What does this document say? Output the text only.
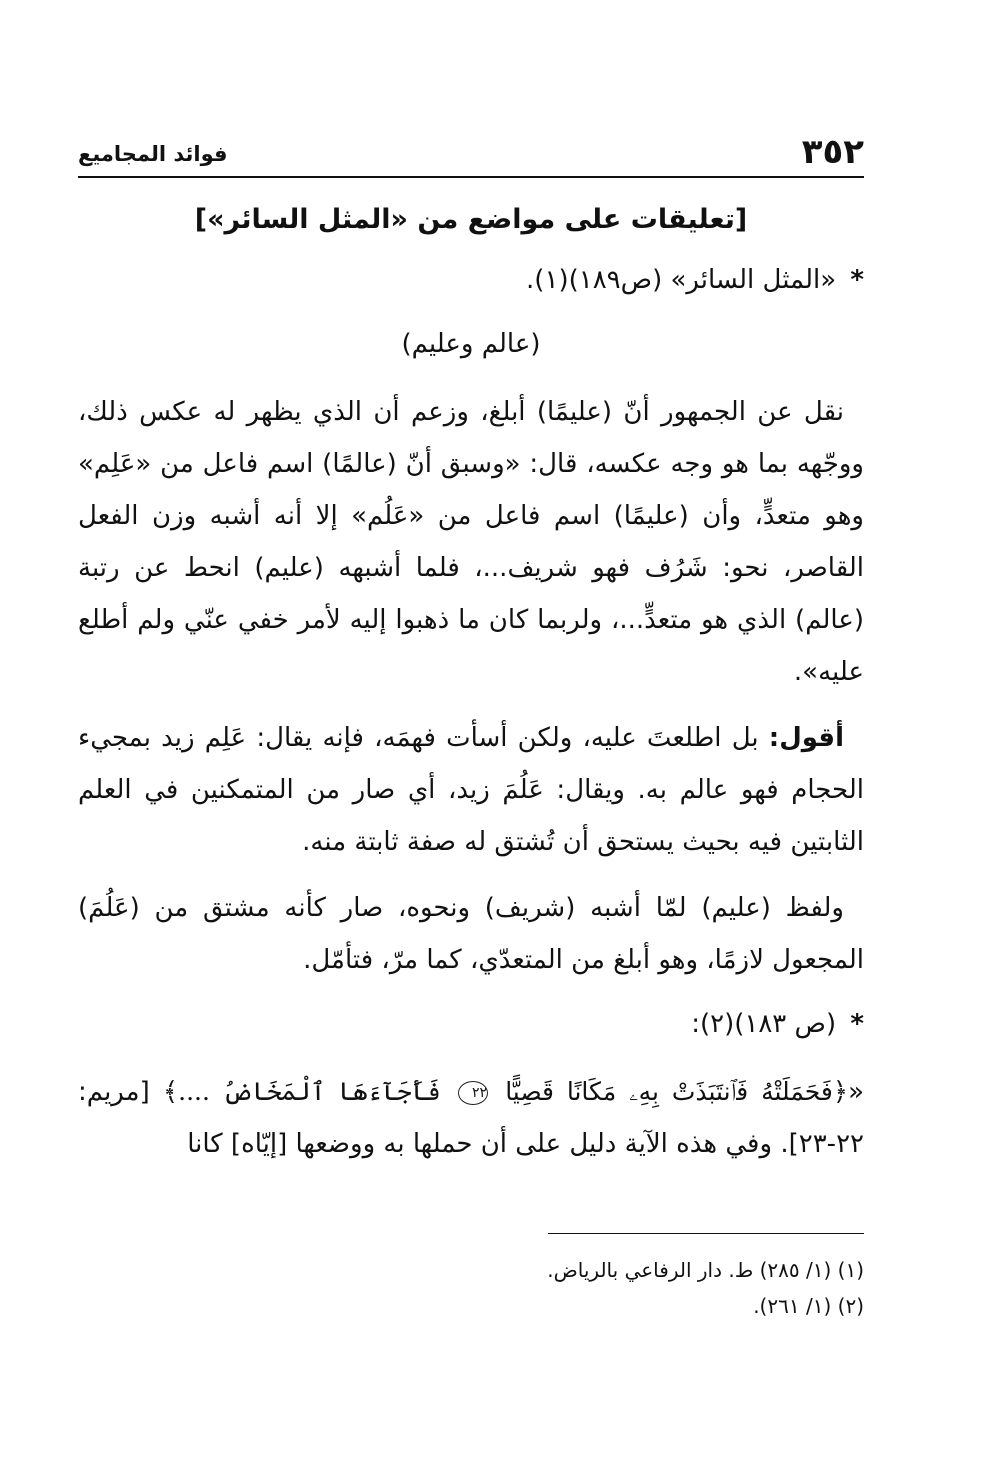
٣٥٢
فوائد المجاميع
[تعليقات على مواضع من «المثل السائر»]
* «المثل السائر» (ص١٨٩)(١).
(عالم وعليم)

نقل عن الجمهور أنّ (عليمًا) أبلغ، وزعم أن الذي يظهر له عكس ذلك، ووجّهه بما هو وجه عكسه، قال: «وسبق أنّ (عالمًا) اسم فاعل من «عَلِم» وهو متعدٍّ، وأن (عليمًا) اسم فاعل من «عَلُم» إلا أنه أشبه وزن الفعل القاصر، نحو: شَرُف فهو شريف...، فلما أشبهه (عليم) انحط عن رتبة (عالم) الذي هو متعدٍّ...، ولربما كان ما ذهبوا إليه لأمر خفي عنّي ولم أطلع عليه».

أقول: بل اطلعتَ عليه، ولكن أسأت فهمَه، فإنه يقال: عَلِم زيد بمجيء الحجام فهو عالم به. ويقال: عَلُمَ زيد، أي صار من المتمكنين في العلم الثابتين فيه بحيث يستحق أن تُشتق له صفة ثابتة منه.

ولفظ (عليم) لمّا أشبه (شريف) ونحوه، صار كأنه مشتق من (عَلُمَ) المجعول لازمًا، وهو أبلغ من المتعدّي، كما مرّ، فتأمّل.

* (ص ١٨٣)(٢):
«﴿فَحَمَلَتْهُ فَٱنتَبَذَتْ بِهِۦ مَكَانًا قَصِيًّا ٢٢ فَأَجَآءَهَا ٱلْمَخَاضُ ....﴾ [مريم: ٢٢-٢٣]. وفي هذه الآية دليل على أن حملها به ووضعها [إيّاه] كانا

(١) (١/ ٢٨٥) ط. دار الرفاعي بالرياض.

(٢) (١/ ٢٦١).
